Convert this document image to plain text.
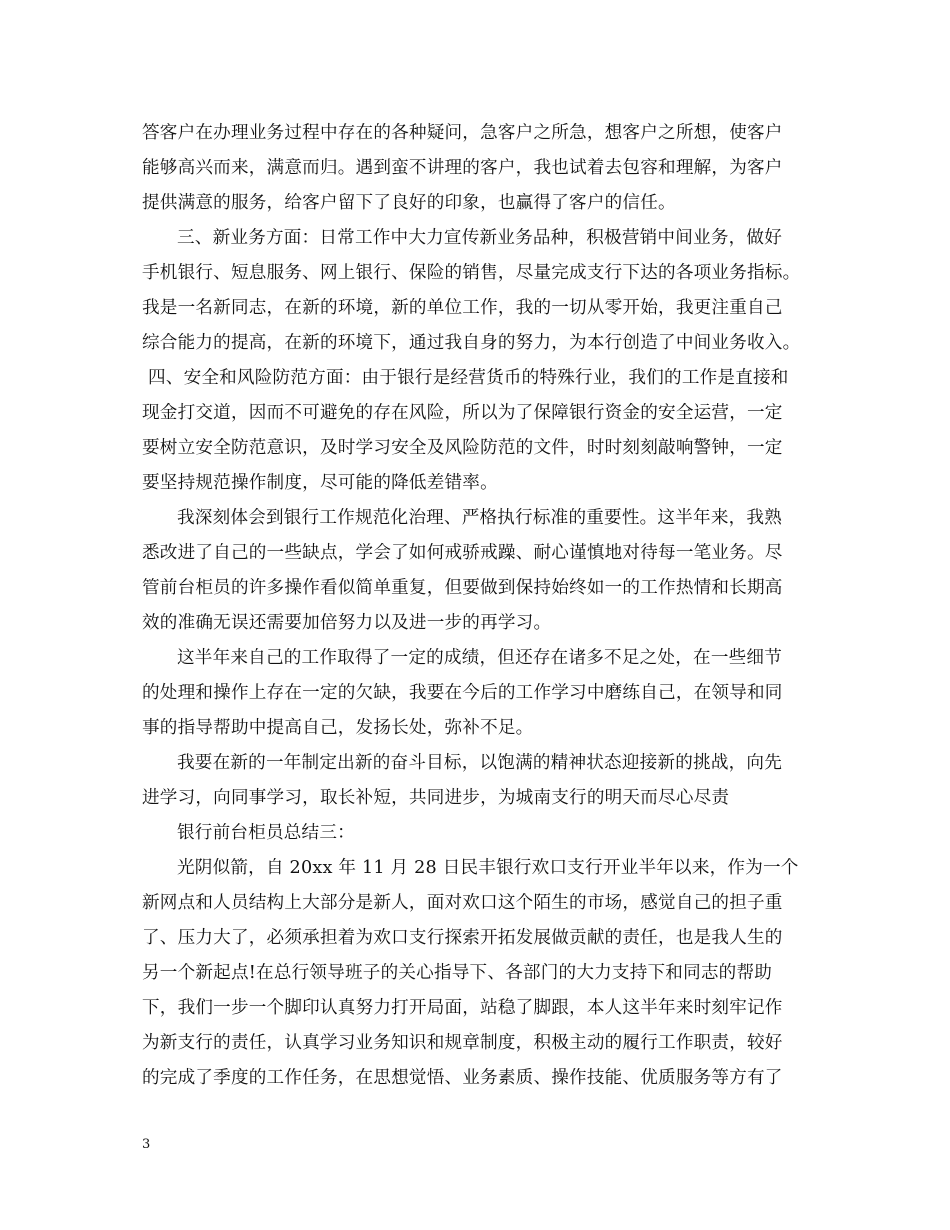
答客户在办理业务过程中存在的各种疑问，急客户之所急，想客户之所想，使客户
能够高兴而来，满意而归。遇到蛮不讲理的客户，我也试着去包容和理解，为客户
提供满意的服务，给客户留下了良好的印象，也赢得了客户的信任。
三、新业务方面：日常工作中大力宣传新业务品种，积极营销中间业务，做好
手机银行、短息服务、网上银行、保险的销售，尽量完成支行下达的各项业务指标。
我是一名新同志，在新的环境，新的单位工作，我的一切从零开始，我更注重自己
综合能力的提高，在新的环境下，通过我自身的努力，为本行创造了中间业务收入。
四、安全和风险防范方面：由于银行是经营货币的特殊行业，我们的工作是直接和
现金打交道，因而不可避免的存在风险，所以为了保障银行资金的安全运营，一定
要树立安全防范意识，及时学习安全及风险防范的文件，时时刻刻敲响警钟，一定
要坚持规范操作制度，尽可能的降低差错率。
我深刻体会到银行工作规范化治理、严格执行标准的重要性。这半年来，我熟
悉改进了自己的一些缺点，学会了如何戒骄戒躁、耐心谨慎地对待每一笔业务。尽
管前台柜员的许多操作看似简单重复，但要做到保持始终如一的工作热情和长期高
效的准确无误还需要加倍努力以及进一步的再学习。
这半年来自己的工作取得了一定的成绩，但还存在诸多不足之处，在一些细节
的处理和操作上存在一定的欠缺，我要在今后的工作学习中磨练自己，在领导和同
事的指导帮助中提高自己，发扬长处，弥补不足。
我要在新的一年制定出新的奋斗目标，以饱满的精神状态迎接新的挑战，向先
进学习，向同事学习，取长补短，共同进步，为城南支行的明天而尽心尽责
银行前台柜员总结三：
光阴似箭，自 20xx 年 11 月 28 日民丰银行欢口支行开业半年以来，作为一个
新网点和人员结构上大部分是新人，面对欢口这个陌生的市场，感觉自己的担子重
了、压力大了，必须承担着为欢口支行探索开拓发展做贡献的责任，也是我人生的
另一个新起点!在总行领导班子的关心指导下、各部门的大力支持下和同志的帮助
下，我们一步一个脚印认真努力打开局面，站稳了脚跟，本人这半年来时刻牢记作
为新支行的责任，认真学习业务知识和规章制度，积极主动的履行工作职责，较好
的完成了季度的工作任务，在思想觉悟、业务素质、操作技能、优质服务等方有了
3
